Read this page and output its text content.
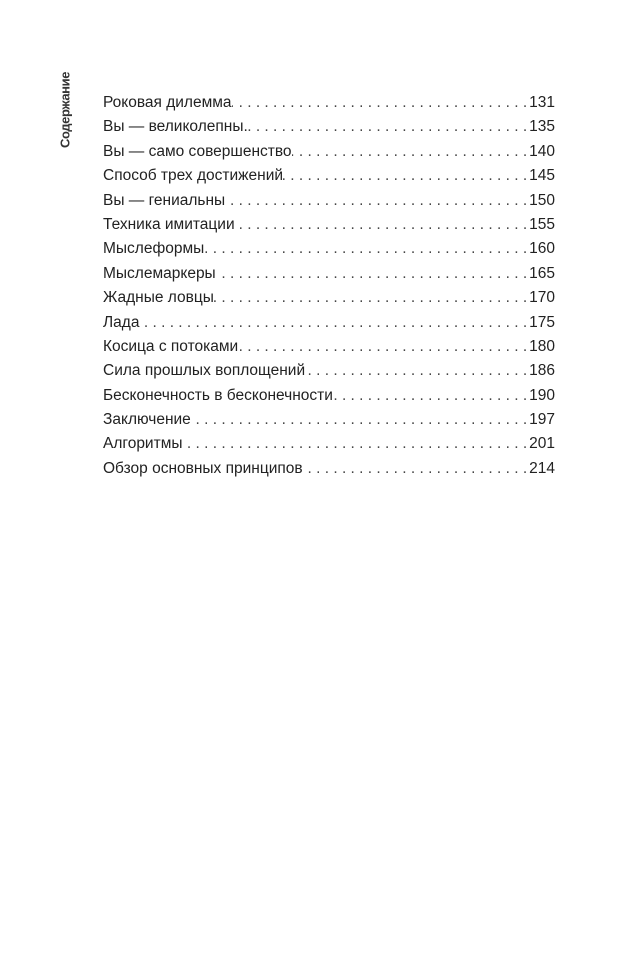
Содержание Роковая дилемма . . .	131
Вы — великолепны. . . .	135
Вы — само совершенство . . .	140
Способ трех достижений . . .	145
Вы — гениальны . . .	150
Техника имитации . . .	155
Мыслеформы . . .	160
Мыслемаркеры . . .	165
Жадные ловцы . . .	170
Лада . . .	175
Косица с потоками . . .	180
Сила прошлых воплощений . . .	186
Бесконечность в бесконечности . . .	190
Заключение . . .	197
Алгоритмы . . .	201
Обзор основных принципов . . .	214
